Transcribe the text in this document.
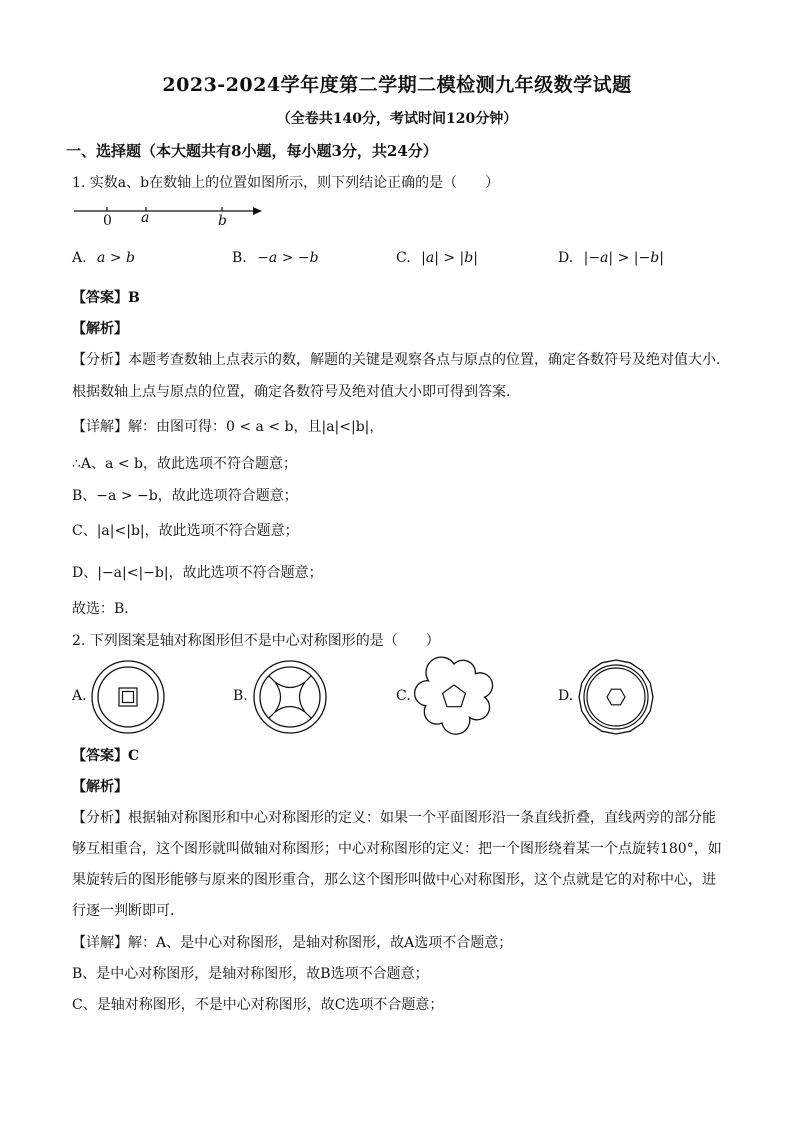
2023-2024学年度第二学期二模检测九年级数学试题
（全卷共140分，考试时间120分钟）
一、选择题（本大题共有8小题，每小题3分，共24分）
1. 实数a、b在数轴上的位置如图所示，则下列结论正确的是（　　）
0 a	b
A. a > b	B. −a > −b	C. |a| > |b|	D. |−a| > |−b|
【答案】B
【解析】
【分析】本题考查数轴上点表示的数，解题的关键是观察各点与原点的位置，确定各数符号及绝对值大小．
根据数轴上点与原点的位置，确定各数符号及绝对值大小即可得到答案．
【详解】解：由图可得：0 < a < b，且|a|<|b|，
∴A、a < b，故此选项不符合题意；
B、−a > −b，故此选项符合题意；
C、|a|<|b|，故此选项不符合题意；
D、|−a|<|−b|，故此选项不符合题意；
故选：B．
2. 下列图案是轴对称图形但不是中心对称图形的是（　　）
A.	B.	C.	D.
【答案】C
【解析】
【分析】根据轴对称图形和中心对称图形的定义：如果一个平面图形沿一条直线折叠，直线两旁的部分能
够互相重合，这个图形就叫做轴对称图形；中心对称图形的定义：把一个图形绕着某一个点旋转180°，如
果旋转后的图形能够与原来的图形重合，那么这个图形叫做中心对称图形，这个点就是它的对称中心，进
行逐一判断即可．
【详解】解：A、是中心对称图形，是轴对称图形，故A选项不合题意；
B、是中心对称图形，是轴对称图形，故B选项不合题意；
C、是轴对称图形，不是中心对称图形，故C选项不合题意；
